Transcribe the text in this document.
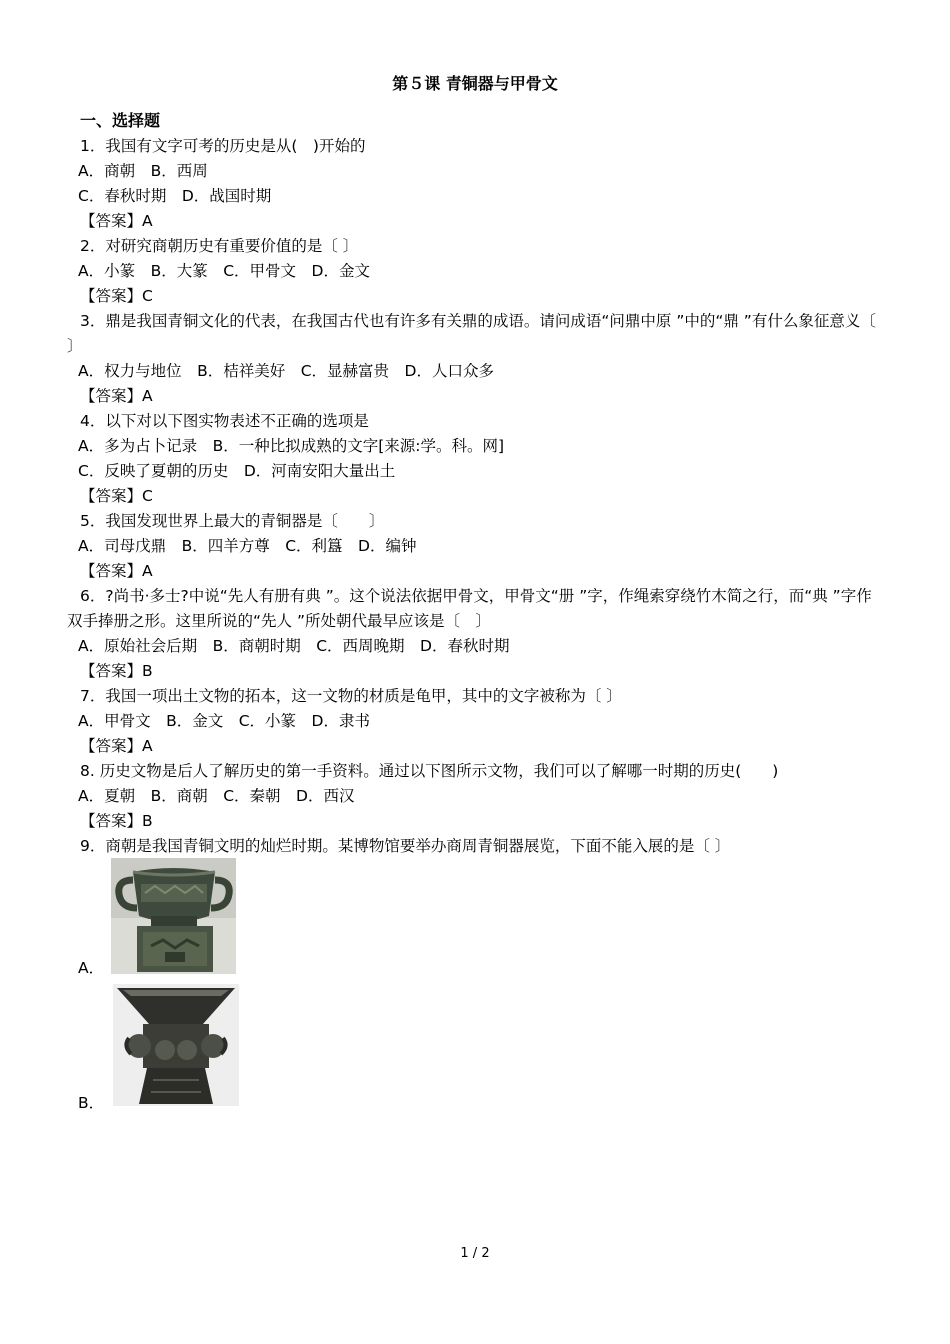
第５课 青铜器与甲骨文
一、选择题
1．我国有文字可考的历史是从(　)开始的
A．商朝　B．西周
C．春秋时期　D．战国时期
【答案】A
2．对研究商朝历史有重要价值的是〔 〕
A．小篆　B．大篆　C．甲骨文　D．金文
【答案】C
3．鼎是我国青铜文化的代表，在我国古代也有许多有关鼎的成语。请问成语“问鼎中原 ”中的“鼎 ”有什么象征意义〔 〕
A．权力与地位　B．桔祥美好　C．显赫富贵　D．人口众多
【答案】A
4．以下对以下图实物表述不正确的选项是
A．多为占卜记录　B．一种比拟成熟的文字[来源:学。科。网]
C．反映了夏朝的历史　D．河南安阳大量出土
【答案】C
5．我国发现世界上最大的青铜器是〔　　〕
A．司母戊鼎　B．四羊方尊　C．利簋　D．编钟
【答案】A
6．?尚书·多士?中说“先人有册有典 ”。这个说法依据甲骨文，甲骨文“册 ”字，作绳索穿绕竹木简之行，而“典 ”字作双手捧册之形。这里所说的“先人 ”所处朝代最早应该是〔　〕
A．原始社会后期　B．商朝时期　C．西周晚期　D．春秋时期
【答案】B
7．我国一项出土文物的拓本，这一文物的材质是龟甲，其中的文字被称为〔 〕
A．甲骨文　B．金文　C．小篆　D．隶书
【答案】A
8. 历史文物是后人了解历史的第一手资料。通过以下图所示文物，我们可以了解哪一时期的历史(　　)
A．夏朝　B．商朝　C．秦朝　D．西汉
【答案】B
9．商朝是我国青铜文明的灿烂时期。某博物馆要举办商周青铜器展览，下面不能入展的是〔 〕
A．
B．
1 / 2
